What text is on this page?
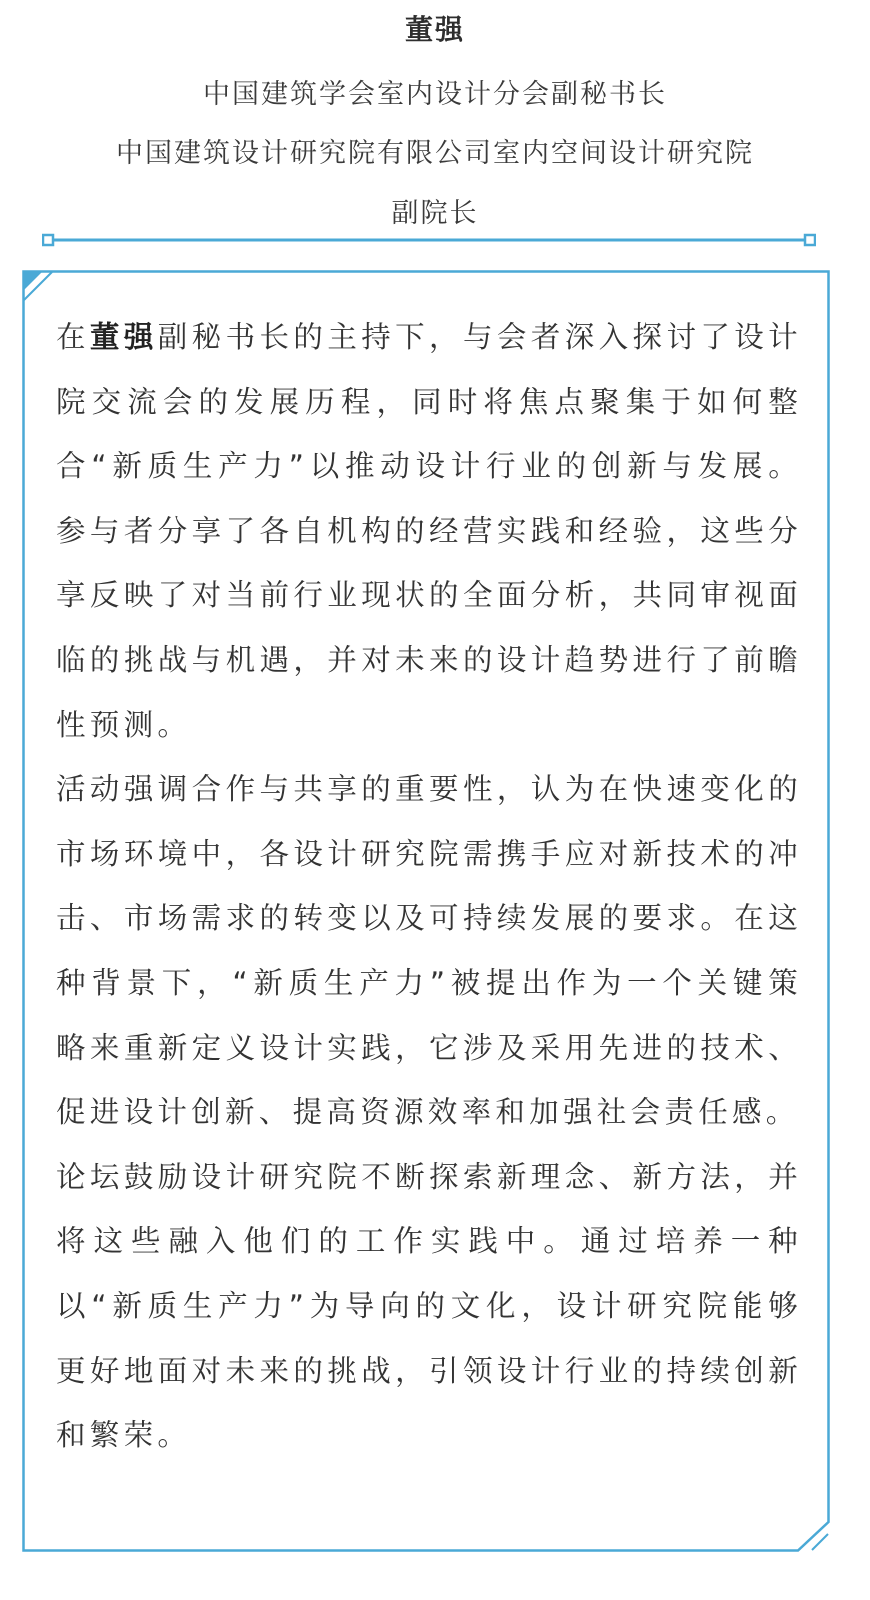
董强
中国建筑学会室内设计分会副秘书长
中国建筑设计研究院有限公司室内空间设计研究院
副院长

在董强副秘书长的主持下，与会者深入探讨了设计院交流会的发展历程，同时将焦点聚集于如何整合“新质生产力”以推动设计行业的创新与发展。参与者分享了各自机构的经营实践和经验，这些分享反映了对当前行业现状的全面分析，共同审视面临的挑战与机遇，并对未来的设计趋势进行了前瞻性预测。

活动强调合作与共享的重要性，认为在快速变化的市场环境中，各设计研究院需携手应对新技术的冲击、市场需求的转变以及可持续发展的要求。在这种背景下，“新质生产力”被提出作为一个关键策略来重新定义设计实践，它涉及采用先进的技术、促进设计创新、提高资源效率和加强社会责任感。

论坛鼓励设计研究院不断探索新理念、新方法，并将这些融入他们的工作实践中。通过培养一种以“新质生产力”为导向的文化，设计研究院能够更好地面对未来的挑战，引领设计行业的持续创新和繁荣。
